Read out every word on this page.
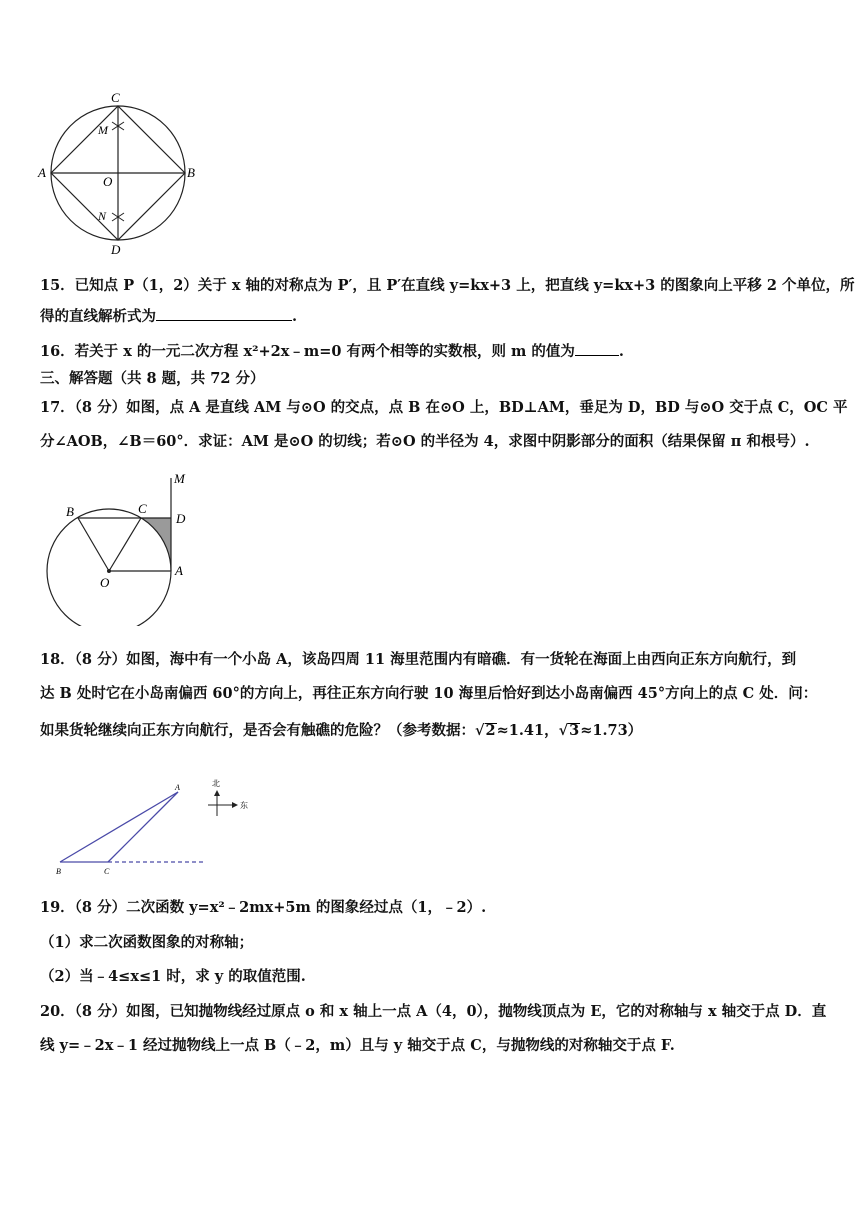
C
M
A
O
B
N
D
15．已知点 P（1，2）关于 x 轴的对称点为 P′，且 P′在直线 y=kx+3 上，把直线 y=kx+3 的图象向上平移 2 个单位，所
得的直线解析式为	.
16．若关于 x 的一元二次方程 x²+2x﹣m=0 有两个相等的实数根，则 m 的值为	.
三、解答题（共 8 题，共 72 分）
17．（8 分）如图，点 A 是直线 AM 与⊙O 的交点，点 B 在⊙O 上，BD⊥AM，垂足为 D，BD 与⊙O 交于点 C，OC 平
分∠AOB，∠B＝60°．求证：AM 是⊙O 的切线；若⊙O 的半径为 4，求图中阴影部分的面积（结果保留 π 和根号）.
M
B	C
D
O
A
18．（8 分）如图，海中有一个小岛 A，该岛四周 11 海里范围内有暗礁．有一货轮在海面上由西向正东方向航行，到
达 B 处时它在小岛南偏西 60°的方向上，再往正东方向行驶 10 海里后恰好到达小岛南偏西 45°方向上的点 C 处．问：
如果货轮继续向正东方向航行，是否会有触礁的危险？（参考数据：√2≈1.41，√3≈1.73）
北
东
A
B	C
19．（8 分）二次函数 y=x²﹣2mx+5m 的图象经过点（1，﹣2）.
（1）求二次函数图象的对称轴；
（2）当﹣4≤x≤1 时，求 y 的取值范围.
20．（8 分）如图，已知抛物线经过原点 o 和 x 轴上一点 A（4，0），抛物线顶点为 E，它的对称轴与 x 轴交于点 D．直
线 y=﹣2x﹣1 经过抛物线上一点 B（﹣2，m）且与 y 轴交于点 C，与抛物线的对称轴交于点 F.
